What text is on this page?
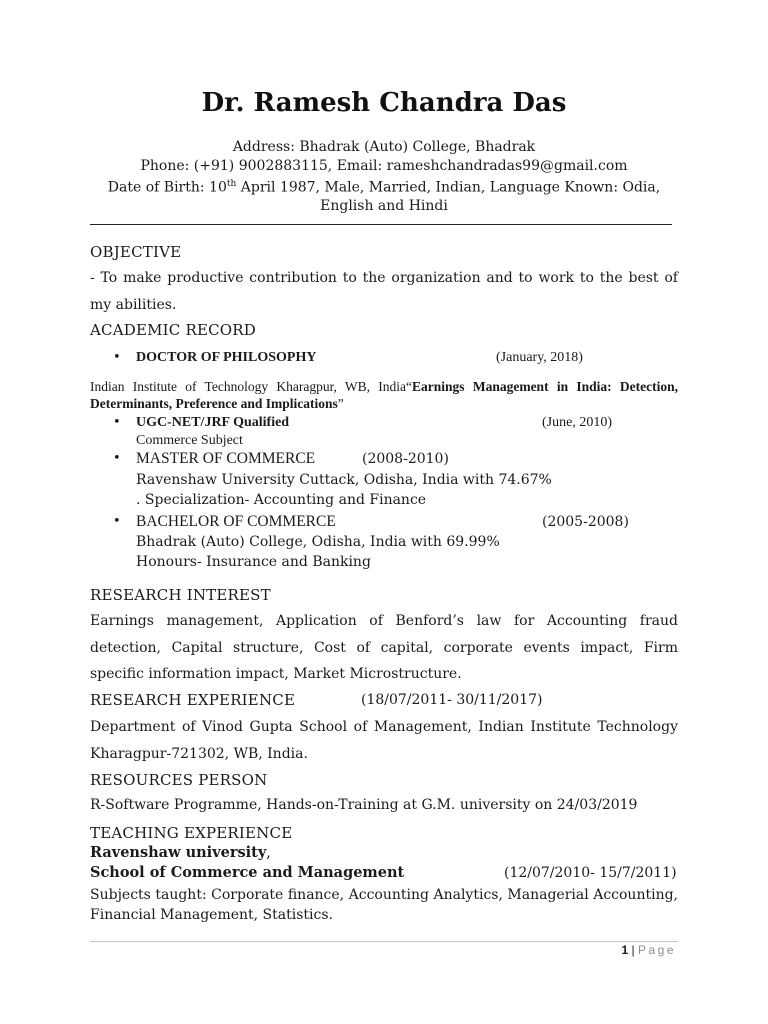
Dr. Ramesh Chandra Das
Address: Bhadrak (Auto) College, Bhadrak
Phone: (+91) 9002883115, Email: rameshchandradas99@gmail.com
Date of Birth: 10th April 1987, Male, Married, Indian, Language Known: Odia, English and Hindi
OBJECTIVE
- To make productive contribution to the organization and to work to the best of my abilities.
ACADEMIC RECORD
• DOCTOR OF PHILOSOPHY	(January, 2018)
Indian Institute of Technology Kharagpur, WB, India“Earnings Management in India: Detection, Determinants, Preference and Implications”
• UGC-NET/JRF Qualified	(June, 2010)
Commerce Subject
• MASTER OF COMMERCE	(2008-2010)
Ravenshaw University Cuttack, Odisha, India with 74.67%
. Specialization- Accounting and Finance
• BACHELOR OF COMMERCE	(2005-2008)
Bhadrak (Auto) College, Odisha, India with 69.99%
Honours- Insurance and Banking
RESEARCH INTEREST
Earnings management, Application of Benford’s law for Accounting fraud detection, Capital structure, Cost of capital, corporate events impact, Firm specific information impact, Market Microstructure.
RESEARCH EXPERIENCE	(18/07/2011- 30/11/2017)
Department of Vinod Gupta School of Management, Indian Institute Technology Kharagpur-721302, WB, India.
RESOURCES PERSON
R-Software Programme, Hands-on-Training at G.M. university on 24/03/2019
TEACHING EXPERIENCE
Ravenshaw university,
School of Commerce and Management	(12/07/2010- 15/7/2011)
Subjects taught: Corporate finance, Accounting Analytics, Managerial Accounting, Financial Management, Statistics.
1 | Page
